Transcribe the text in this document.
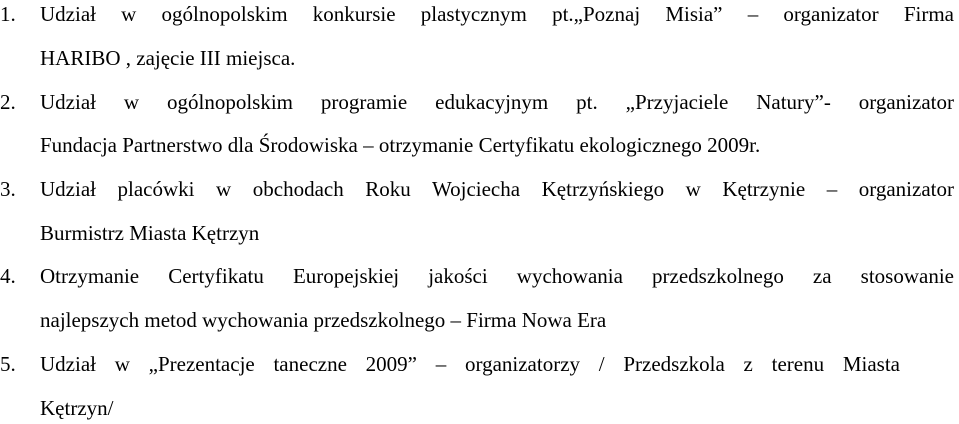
1.	Udział w ogólnopolskim konkursie plastycznym pt.„Poznaj Misia” – organizator Firma
HARIBO , zajęcie III miejsca.
2.	Udział w ogólnopolskim programie edukacyjnym pt. „Przyjaciele Natury”- organizator
Fundacja Partnerstwo dla Środowiska – otrzymanie Certyfikatu ekologicznego 2009r.
3.	Udział placówki w obchodach Roku Wojciecha Kętrzyńskiego w Kętrzynie – organizator
Burmistrz Miasta Kętrzyn
4.	Otrzymanie Certyfikatu Europejskiej jakości wychowania przedszkolnego za stosowanie
najlepszych metod wychowania przedszkolnego – Firma Nowa Era
5.	Udział w „Prezentacje taneczne 2009” – organizatorzy / Przedszkola z terenu Miasta
Kętrzyn/
